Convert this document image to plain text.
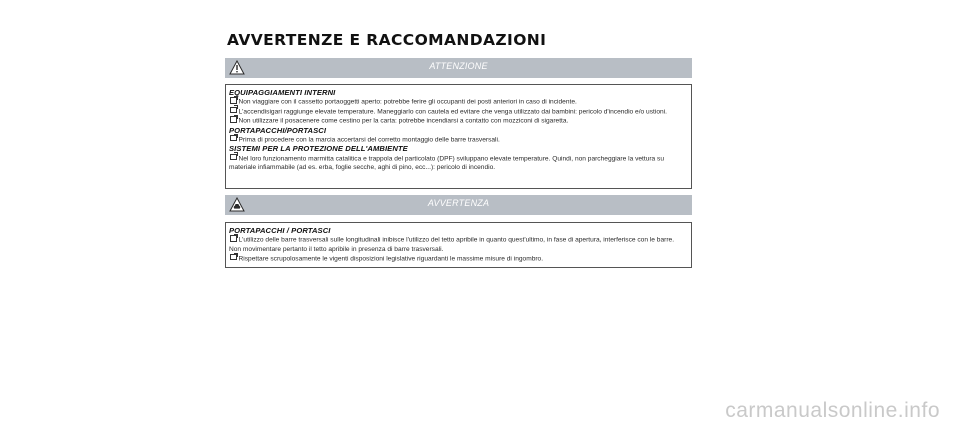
AVVERTENZE E RACCOMANDAZIONI
ATTENZIONE
EQUIPAGGIAMENTI INTERNI
Non viaggiare con il cassetto portaoggetti aperto: potrebbe ferire gli occupanti dei posti anteriori in caso di incidente.
L'accendisigari raggiunge elevate temperature. Maneggiarlo con cautela ed evitare che venga utilizzato dai bambini: pericolo d'incendio e/o ustioni.
Non utilizzare il posacenere come cestino per la carta: potrebbe incendiarsi a contatto con mozziconi di sigaretta.
PORTAPACCHI/PORTASCI
Prima di procedere con la marcia accertarsi del corretto montaggio delle barre trasversali.
SISTEMI PER LA PROTEZIONE DELL'AMBIENTE
Nel loro funzionamento marmitta catalitica e trappola del particolato (DPF) sviluppano elevate temperature. Quindi, non parcheggiare la vettura su materiale infiammabile (ad es. erba, foglie secche, aghi di pino, ecc...): pericolo di incendio.
AVVERTENZA
PORTAPACCHI / PORTASCI
L'utilizzo delle barre trasversali sulle longitudinali inibisce l'utilizzo del tetto apribile in quanto quest'ultimo, in fase di apertura, interferisce con le barre. Non movimentare pertanto il tetto apribile in presenza di barre trasversali.
Rispettare scrupolosamente le vigenti disposizioni legislative riguardanti le massime misure di ingombro.
carmanualsonline.info
